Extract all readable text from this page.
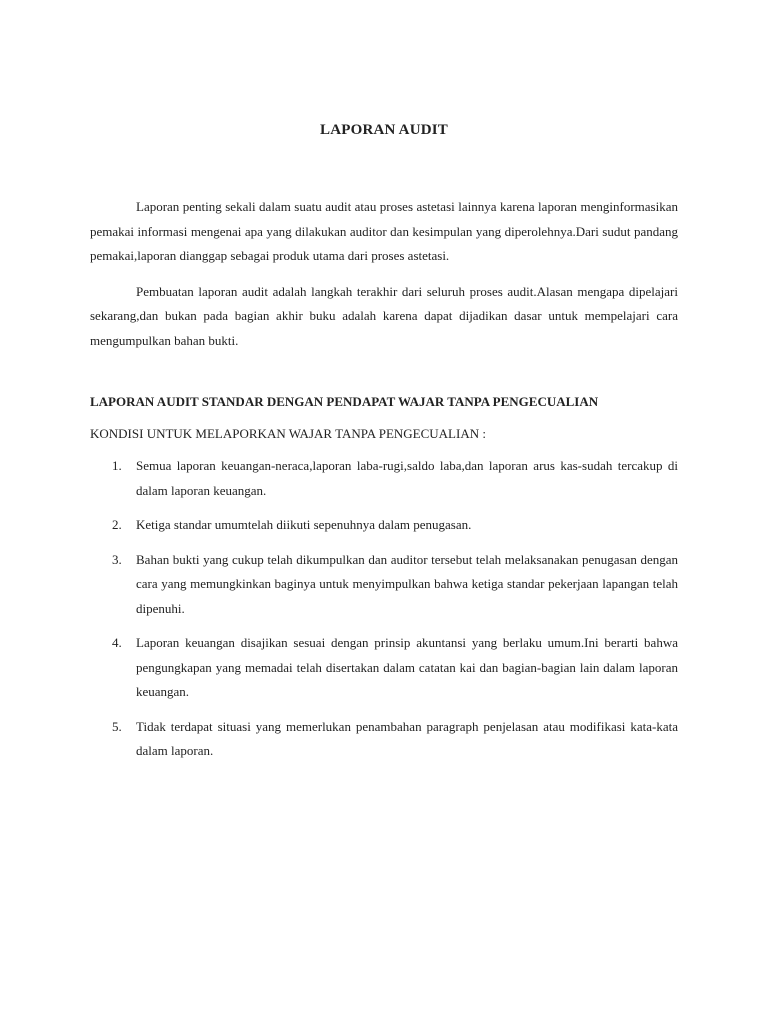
LAPORAN AUDIT

Laporan penting sekali dalam suatu audit atau proses astetasi lainnya karena laporan menginformasikan pemakai informasi mengenai apa yang dilakukan auditor dan kesimpulan yang diperolehnya.Dari sudut pandang pemakai,laporan dianggap sebagai produk utama dari proses astetasi.

Pembuatan laporan audit adalah langkah terakhir dari seluruh proses audit.Alasan mengapa dipelajari sekarang,dan bukan pada bagian akhir buku adalah karena dapat dijadikan dasar untuk mempelajari cara mengumpulkan bahan bukti.

LAPORAN AUDIT STANDAR DENGAN PENDAPAT WAJAR TANPA PENGECUALIAN
KONDISI UNTUK MELAPORKAN WAJAR TANPA PENGECUALIAN :
1.	Semua laporan keuangan-neraca,laporan laba-rugi,saldo laba,dan laporan arus kas-sudah tercakup di dalam laporan keuangan.
2.	Ketiga standar umumtelah diikuti sepenuhnya dalam penugasan.
3.	Bahan bukti yang cukup telah dikumpulkan dan auditor tersebut telah melaksanakan penugasan dengan cara yang memungkinkan baginya untuk menyimpulkan bahwa ketiga standar pekerjaan lapangan telah dipenuhi.
4.	Laporan keuangan disajikan sesuai dengan prinsip akuntansi yang berlaku umum.Ini berarti bahwa pengungkapan yang memadai telah disertakan dalam catatan kai dan bagian-bagian lain dalam laporan keuangan.
5.	Tidak terdapat situasi yang memerlukan penambahan paragraph penjelasan atau modifikasi kata-kata dalam laporan.
